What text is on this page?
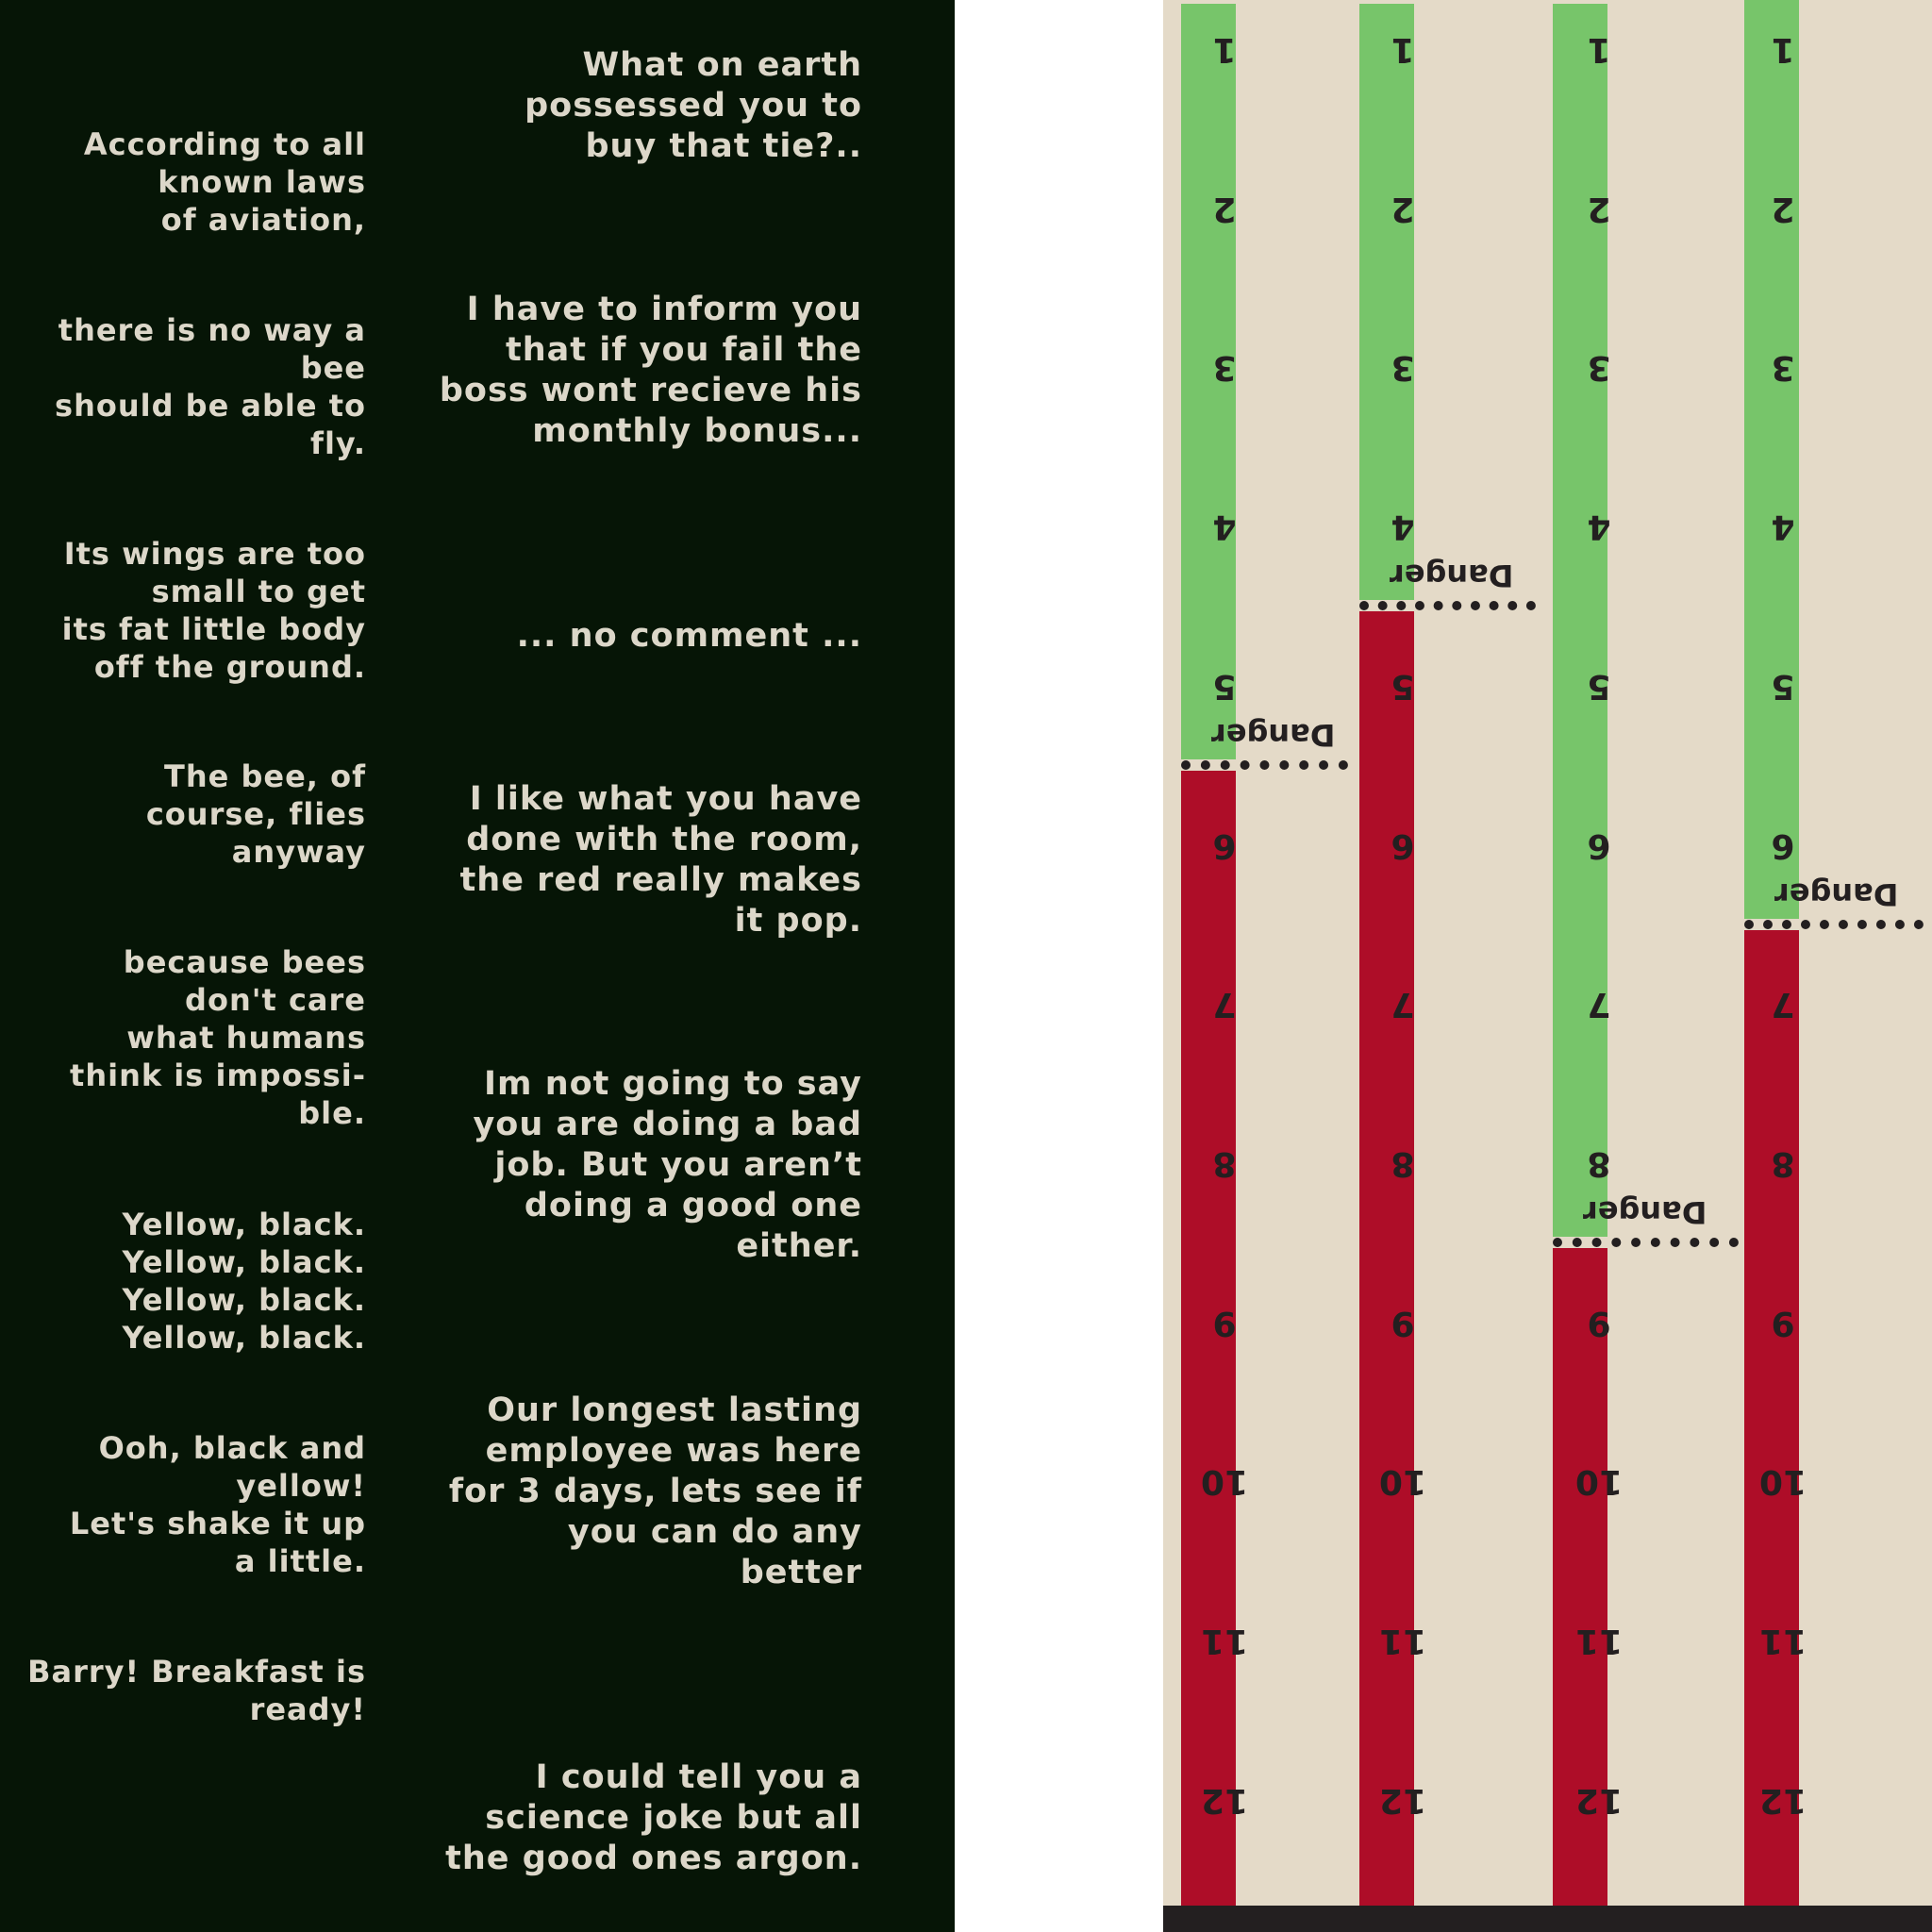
According to all
known laws
of aviation,

there is no way a
bee
should be able to
fly.

Its wings are too
small to get
its fat little body
off the ground.

The bee, of
course, flies
anyway

because bees
don't care
what humans
think is impossi-
ble.

Yellow, black.
Yellow, black.
Yellow, black.
Yellow, black.

Ooh, black and
yellow!
Let's shake it up
a little.

Barry! Breakfast is
ready!

What on earth
possessed you to
buy that tie?..

I have to inform you
that if you fail the
boss wont recieve his
monthly bonus...

... no comment ...

I like what you have
done with the room,
the red really makes
it pop.

Im not going to say
you are doing a bad
job. But you aren’t
doing a good one
either.

Our longest lasting
employee was here
for 3 days, lets see if
you can do any
better

I could tell you a
science joke but all
the good ones argon.

Danger
1
2
3
4
5
6
7
8
9
10
11
12
Danger
1
2
3
4
5
6
7
8
9
10
11
12
Danger
1
2
3
4
5
6
7
8
9
10
11
12
Danger
1
2
3
4
5
6
7
8
9
10
11
12
